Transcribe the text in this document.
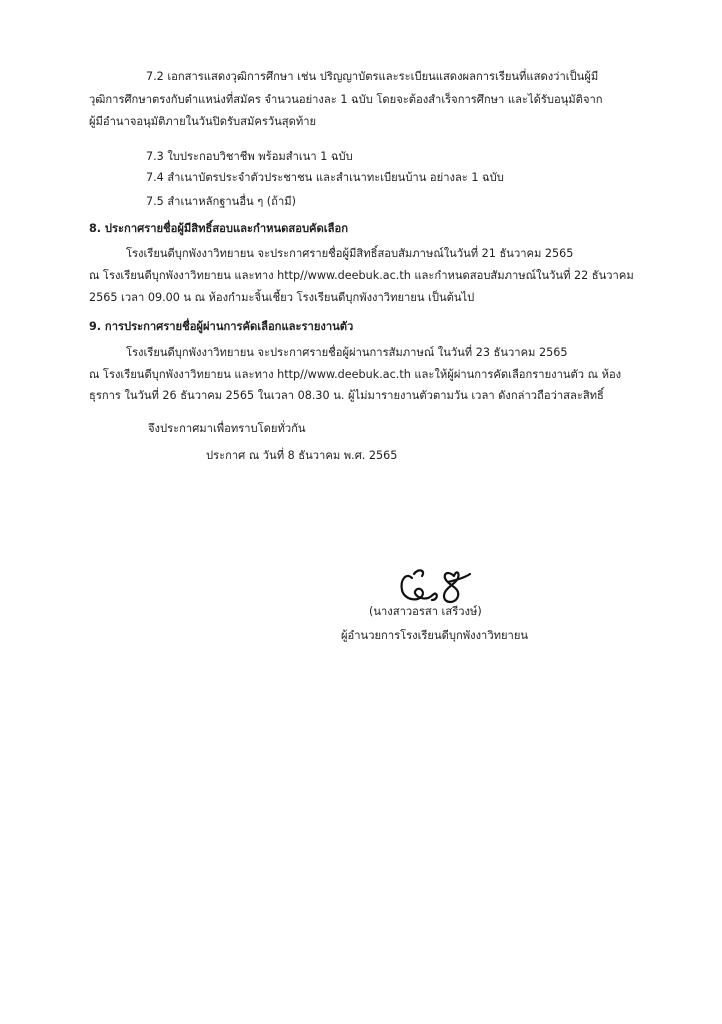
7.2 เอกสารแสดงวุฒิการศึกษา เช่น ปริญญาบัตรและระเบียนแสดงผลการเรียนที่แสดงว่าเป็นผู้มี
วุฒิการศึกษาตรงกับตำแหน่งที่สมัคร จำนวนอย่างละ 1 ฉบับ โดยจะต้องสำเร็จการศึกษา และได้รับอนุมัติจาก
ผู้มีอำนาจอนุมัติภายในวันปิดรับสมัครวันสุดท้าย
7.3 ใบประกอบวิชาชีพ พร้อมสำเนา 1 ฉบับ
7.4 สำเนาบัตรประจำตัวประชาชน และสำเนาทะเบียนบ้าน อย่างละ 1 ฉบับ
7.5 สำเนาหลักฐานอื่น ๆ (ถ้ามี)
8. ประกาศรายชื่อผู้มีสิทธิ์สอบและกำหนดสอบคัดเลือก
โรงเรียนดีบุกพังงาวิทยายน จะประกาศรายชื่อผู้มีสิทธิ์สอบสัมภาษณ์ในวันที่ 21 ธันวาคม 2565
ณ โรงเรียนดีบุกพังงาวิทยายน และทาง http//www.deebuk.ac.th และกำหนดสอบสัมภาษณ์ในวันที่ 22 ธันวาคม
2565 เวลา 09.00 น ณ ห้องกำมะจิ้นเชี้ยว โรงเรียนดีบุกพังงาวิทยายน เป็นต้นไป
9. การประกาศรายชื่อผู้ผ่านการคัดเลือกและรายงานตัว
โรงเรียนดีบุกพังงาวิทยายน จะประกาศรายชื่อผู้ผ่านการสัมภาษณ์ ในวันที่ 23 ธันวาคม 2565
ณ โรงเรียนดีบุกพังงาวิทยายน และทาง http//www.deebuk.ac.th และให้ผู้ผ่านการคัดเลือกรายงานตัว ณ ห้อง
ธุรการ ในวันที่ 26 ธันวาคม 2565 ในเวลา 08.30 น. ผู้ไม่มารายงานตัวตามวัน เวลา ดังกล่าวถือว่าสละสิทธิ์
จึงประกาศมาเพื่อทราบโดยทั่วกัน
ประกาศ ณ วันที่ 8 ธันวาคม พ.ศ. 2565
(นางสาวอรสา เสรีวงษ์)
ผู้อำนวยการโรงเรียนดีบุกพังงาวิทยายน
